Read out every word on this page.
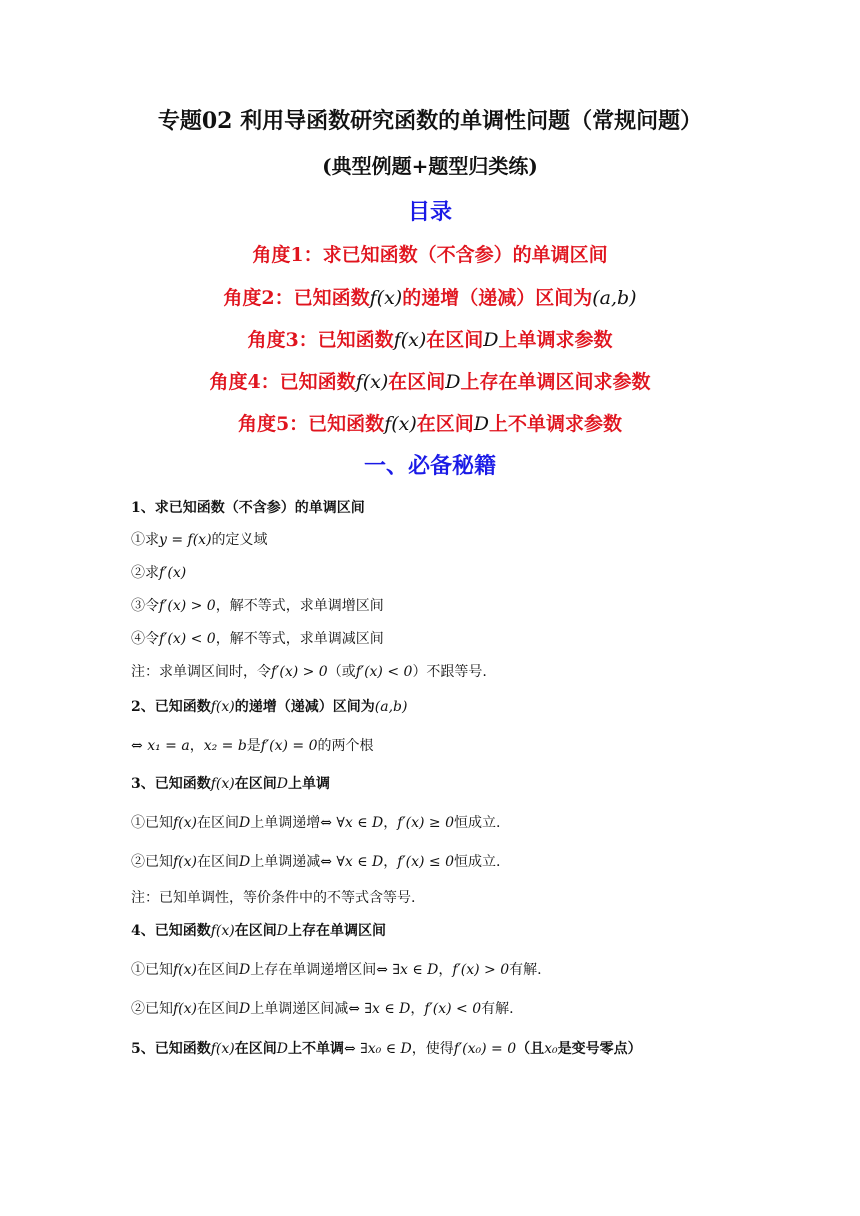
专题02 利用导函数研究函数的单调性问题（常规问题）
(典型例题+题型归类练)
目录
角度1：求已知函数（不含参）的单调区间
角度2：已知函数f(x)的递增（递减）区间为(a,b)
角度3：已知函数f(x)在区间D上单调求参数
角度4：已知函数f(x)在区间D上存在单调区间求参数
角度5：已知函数f(x)在区间D上不单调求参数
一、必备秘籍
1、求已知函数（不含参）的单调区间
①求y = f(x)的定义域
②求f′(x)
③令f′(x) > 0，解不等式，求单调增区间
④令f′(x) < 0，解不等式，求单调减区间
注：求单调区间时，令f′(x) > 0（或f′(x) < 0）不跟等号.
2、已知函数f(x)的递增（递减）区间为(a,b)
⇔ x₁ = a，x₂ = b是f′(x) = 0的两个根
3、已知函数f(x)在区间D上单调
①已知f(x)在区间D上单调递增⇔ ∀x ∈ D，f′(x) ≥ 0恒成立.
②已知f(x)在区间D上单调递减⇔ ∀x ∈ D，f′(x) ≤ 0恒成立.
注：已知单调性，等价条件中的不等式含等号.
4、已知函数f(x)在区间D上存在单调区间
①已知f(x)在区间D上存在单调递增区间⇔ ∃x ∈ D，f′(x) > 0有解.
②已知f(x)在区间D上单调递区间减⇔ ∃x ∈ D，f′(x) < 0有解.
5、已知函数f(x)在区间D上不单调⇔ ∃x₀ ∈ D，使得f′(x₀) = 0（且x₀是变号零点）
